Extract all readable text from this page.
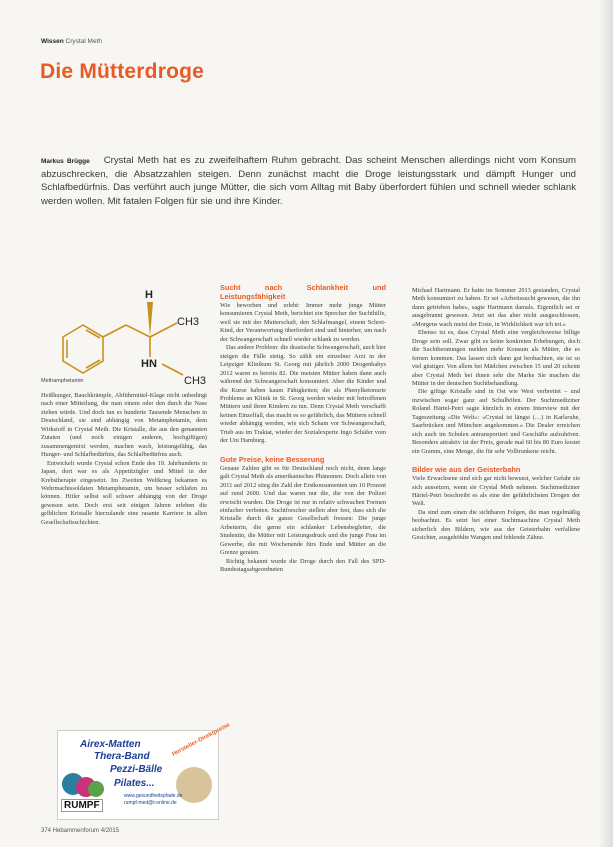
Wissen Crystal Meth
Die Mütterdroge
Markus Brügge Crystal Meth hat es zu zweifelhaftem Ruhm gebracht. Das scheint Menschen allerdings nicht vom Konsum abzuschrecken, die Absatzzahlen steigen. Denn zunächst macht die Droge leistungsstark und dämpft Hunger und Schlafbedürfnis. Das verführt auch junge Mütter, die sich vom Alltag mit Baby überfordert fühlen und schnell wieder schlank werden wollen. Mit fatalen Folgen für sie und ihre Kinder.
H
CH3
HN
CH3
Methamphetamin

Heißhunger, Bauchkrämpfe, Abführmittel-Klage nicht unbedingt nach einer Mitteilung, die man einem oder den durch die Nase ziehen würde. Und doch tun es hunderte Tausende Menschen in Deutschland, sie sind abhängig von Metamphetamin, dem Wirkstoff in Crystal Meth. Die Kristalle, die aus den genannten Zutaten (und noch einigen anderen, hochgiftigen) zusammengemixt werden, machen wach, leistungsfähig, das Hunger- und Schlafbedürfnis, das Schlafbedürfnis auch.

Entwickelt wurde Crystal schon Ende des 19. Jahrhunderts in Japan, dort war es als Appetitzügler und Mittel in der Krebstherapie eingesetzt. Im Zweiten Weltkrieg bekamen es Wehrmachtssoldaten Metamphetamin, um besser schlafen zu können. Hitler selbst soll schwer abhängig von der Droge gewesen sein. Doch erst seit einigen Jahren erleben die gelblichen Kristalle hierzulande eine rasante Karriere in allen Gesellschaftsschichten.

Sucht nach Schlankheit und Leistungsfähigkeit

Wie beworben und erlebt: Immer mehr junge Mütter konsumieren Crystal Meth, berichtet ein Sprecher der Suchthilfe, weil sie mit der Mutterschaft, den Schlafmangel, einem Schrei-Kind, der Verantwortung überfordert sind und hinterher, um nach der Schwangerschaft schnell wieder schlank zu werden.

Das andere Problem: die drastische Schwangerschaft, auch hier steigen die Fälle stetig. So zählt ein einzelner Arzt in der Leipziger Klinikum St. Georg mit jährlich 2000 Drogenbabys 2012 waren es bereits 82. Die meisten Mütter haben dann auch während der Schwangerschaft konsumiert. Aber die Kinder und die Kurse haben kaum Fähigkeiten; die als Phenylketonurie Probleme an Klinik in St. Georg werden wieder mit betroffenen Müttern und ihren Kindern zu tun. Denn Crystal Meth verschafft keinen Einzelfall, das macht es so gefährlich, das Müttern schnell wieder abhängig werden, wie sich Scham vor Schwangerschaft, Trieb aus im Traktat, wieder der Sozialexperte Ingo Schäfer vom der Uni Hamburg.

Gute Preise, keine Besserung

Genaue Zahlen gibt es für Deutschland noch nicht, denn lange galt Crystal Meth als amerikanisches Phänomen. Doch allein von 2011 auf 2012 stieg die Zahl der Erstkonsumenten um 10 Prozent auf rund 2600. Und das waren nur die, die von der Polizei erwischt wurden. Die Droge ist nur in relativ schwachen Formen einfacher verboten. Suchtforscher stellen aber fest, dass sich die Kristalle durch die ganze Gesellschaft fressen: Die junge Arbeiterin, die gerne ein schlanker Lebensbegleiter, die Studentin, die Mütter mit Leistungsdruck und die junge Frau im Gewerbe, die mit Wochenende fürs Ende und Mütter an die Grenze geraten.

Richtig bekannt wurde die Droge durch den Fall des SPD-Bundestagsabgeordneten

Michael Hartmann. Er hatte im Sommer 2013 gestanden, Crystal Meth konsumiert zu haben. Er sei «Arbeitssucht gewesen, die ihn dann getrieben habe», sagte Hartmann damals. Eigentlich sei er ausgebrannt gewesen. Jetzt sei das aber nicht ausgeschlossen, «Morgens wach meist der Erste, in Wirklichkeit war ich tot.»

Ebenso ist es, dass Crystal Meth eine vergleichsweise billige Droge sein soll. Zwar gibt es keine konkreten Erhebungen, doch die Suchtberatungen melden mehr Konsum als Mütter, die es fernen kommen. Das lassen sich dann gut beobachten, sie ist so viel güstiger. Von allem bei Mädchen zwischen 15 und 20 scheint aber Crystal Meth bei ihnen sehr die Marke Sie machen die Mütter in der deutschen Suchtbehandlung.

Die giftige Kristalle sind in Ost wie West verbreitet – und inzwischen sogar ganz auf Schulhöfen. Der Suchtmediziner Roland Härtel-Petri sagte kürzlich in einem Interview mit der Tageszeitung «Die Welt»: «Crystal ist längst (…) in Karlsruhe, Saarbrücken und München angekommen.» Die Dealer erreichen sich auch im Schulen antransportiert und Geschäfte aufzuhören. Besonders attraktiv ist der Preis, gerade mal 60 bis 80 Euro kostet ein Gramm, eine Menge, die für sehr Volltrunkene reicht.

Bilder wie aus der Geisterbahn

Viele Erwachsene sind sich gar nicht bewusst, welcher Gefahr sie sich aussetzen, wenn sie Crystal Meth nehmen. Suchtmediziner Härtel-Petri beschreibt es als eine der gefährlichsten Drogen der Welt.

Da sind zum einen die sichtbaren Folgen, die man regelmäßig beobachtet. Es setzt bei einer Suchtmaschine Crystal Meth sicherlich den Bildern, wie aus der Geisterbahn verfallene Gesichter, ausgehöhlte Wangen und fehlende Zähne.

Airex-Matten
Thera-Band
Pezzi-Bälle
Pilates...
www.gesundheitspfade.de
rumpf-med@t-online.de
RUMPF
Hersteller-Direktpreise
374 Hebammenforum 4/2015
